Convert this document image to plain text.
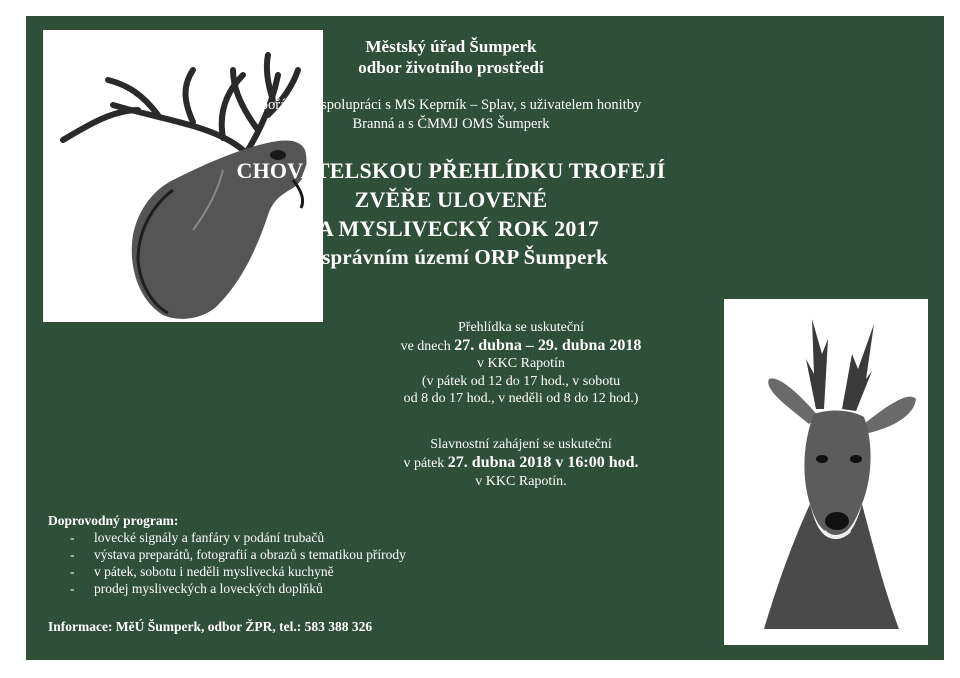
Městský úřad Šumperk
odbor životního prostředí
pořádá ve spolupráci s MS Keprník – Splav, s uživatelem honitby
Branná a s ČMMJ OMS Šumperk
CHOVATELSKOU PŘEHLÍDKU TROFEJÍ
ZVĚŘE ULOVENÉ
ZA MYSLIVECKÝ ROK 2017
na správním území ORP Šumperk
Přehlídka se uskuteční
ve dnech 27. dubna – 29. dubna 2018
v KKC Rapotín
(v pátek od 12 do 17 hod., v sobotu
od 8 do 17 hod., v neděli od 8 do 12 hod.)
Slavnostní zahájení se uskuteční
v pátek 27. dubna 2018 v 16:00 hod.
v KKC Rapotín.
Doprovodný program:
- lovecké signály a fanfáry v podání trubačů
- výstava preparátů, fotografií a obrazů s tematikou přírody
- v pátek, sobotu i neděli myslivecká kuchyně
- prodej mysliveckých a loveckých doplňků
Informace: MěÚ Šumperk, odbor ŽPR, tel.: 583 388 326
